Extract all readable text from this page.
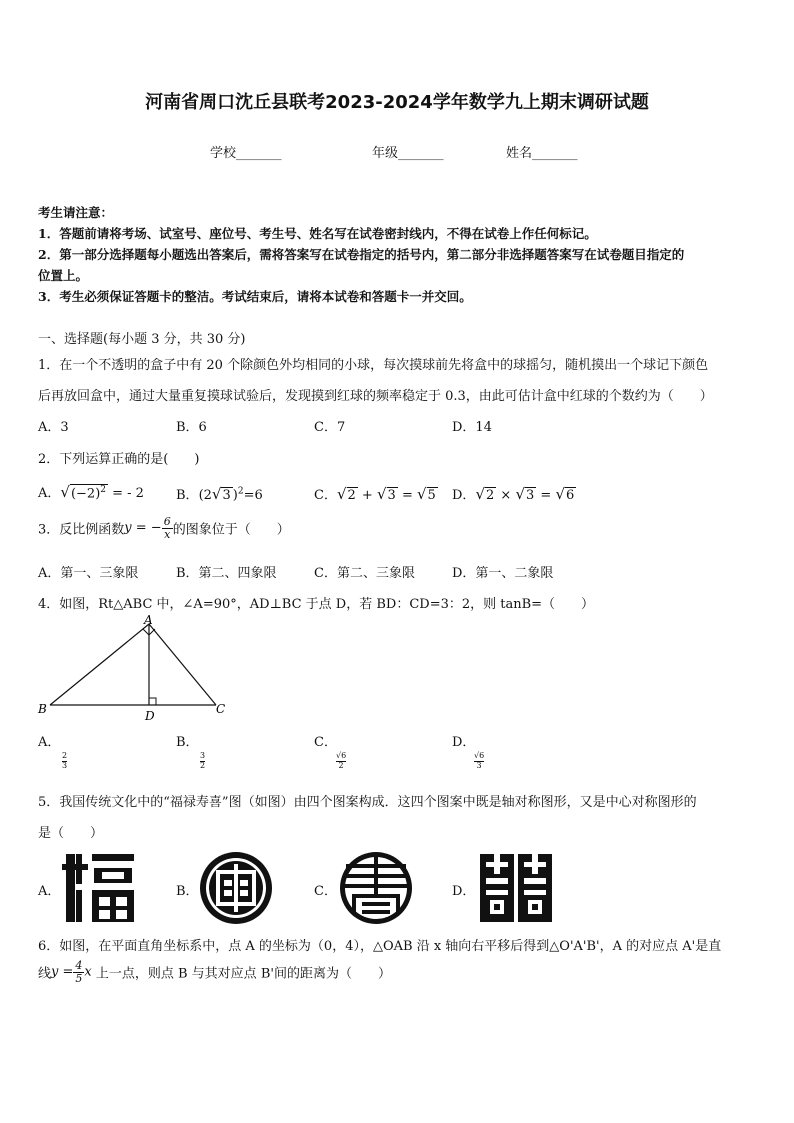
河南省周口沈丘县联考2023-2024学年数学九上期末调研试题
学校_______	年级_______	姓名_______
考生请注意：
1．答题前请将考场、试室号、座位号、考生号、姓名写在试卷密封线内，不得在试卷上作任何标记。
2．第一部分选择题每小题选出答案后，需将答案写在试卷指定的括号内，第二部分非选择题答案写在试卷题目指定的
位置上。
3．考生必须保证答题卡的整洁。考试结束后，请将本试卷和答题卡一并交回。
一、选择题(每小题 3 分，共 30 分)
1．在一个不透明的盒子中有 20 个除颜色外均相同的小球，每次摸球前先将盒中的球摇匀，随机摸出一个球记下颜色
后再放回盒中，通过大量重复摸球试验后，发现摸到红球的频率稳定于 0.3，由此可估计盒中红球的个数约为（　　）
A．3	B．6	C．7	D．14
2．下列运算正确的是(　　)
A．$√(-2)^2$ = - 2 B．(2√3 )$^2$=6	C．√2 + √3 = √5 D．√2 × √3 = √6
3．反比例函数y = − $\frac{6}{x}$ 的图象位于（　　）
A．第一、三象限	B．第二、四象限	C．第二、三象限	D．第一、二象限
4．如图，Rt△ABC 中，∠A=90°，AD⊥BC 于点 D，若 BD：CD=3：2，则 tanB=（　　）
A
B	D	C
A．

$\frac{2}{3}$
B．

$\frac{3}{2}$
C．

$\frac{√6}{2}$
D．

$\frac{√6}{3}$
5．我国传统文化中的“福禄寿喜”图（如图）由四个图案构成．这四个图案中既是轴对称图形，又是中心对称图形的
是（　　）
A．	B．	C．	D．
6．如图，在平面直角坐标系中，点 A 的坐标为（0，4），△OAB 沿 x 轴向右平移后得到△O'A'B'，A 的对应点 A'是直
线$y = \frac{4}{5}$ x 上一点，则点 B 与其对应点 B'间的距离为（　　）
